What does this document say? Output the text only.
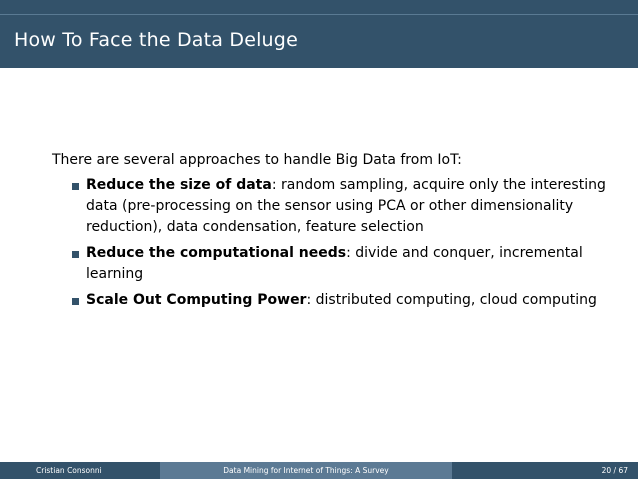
How To Face the Data Deluge

There are several approaches to handle Big Data from IoT:

Reduce the size of data: random sampling, acquire only the interesting data (pre-processing on the sensor using PCA or other dimensionality reduction), data condensation, feature selection
Reduce the computational needs: divide and conquer, incremental learning
Scale Out Computing Power: distributed computing, cloud computing
Cristian Consonni	Data Mining for Internet of Things: A Survey	20 / 67
